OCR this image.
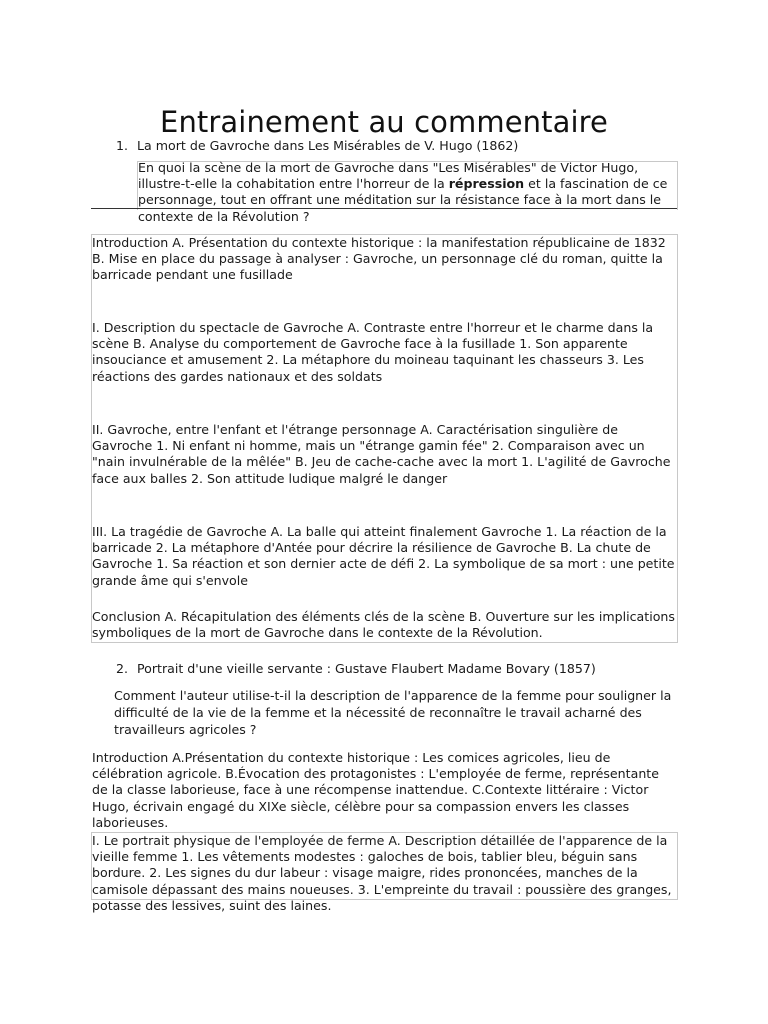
Entrainement au commentaire
1. La mort de Gavroche dans Les Misérables de V. Hugo (1862)
En quoi la scène de la mort de Gavroche dans "Les Misérables" de Victor Hugo, illustre-t-elle la cohabitation entre l'horreur de la répression et la fascination de ce personnage, tout en offrant une méditation sur la résistance face à la mort dans le contexte de la Révolution ?
Introduction A. Présentation du contexte historique : la manifestation républicaine de 1832 B. Mise en place du passage à analyser : Gavroche, un personnage clé du roman, quitte la barricade pendant une fusillade
I. Description du spectacle de Gavroche A. Contraste entre l'horreur et le charme dans la scène B. Analyse du comportement de Gavroche face à la fusillade 1. Son apparente insouciance et amusement 2. La métaphore du moineau taquinant les chasseurs 3. Les réactions des gardes nationaux et des soldats
II. Gavroche, entre l'enfant et l'étrange personnage A. Caractérisation singulière de Gavroche 1. Ni enfant ni homme, mais un "étrange gamin fée" 2. Comparaison avec un "nain invulnérable de la mêlée" B. Jeu de cache-cache avec la mort 1. L'agilité de Gavroche face aux balles 2. Son attitude ludique malgré le danger
III. La tragédie de Gavroche A. La balle qui atteint finalement Gavroche 1. La réaction de la barricade 2. La métaphore d'Antée pour décrire la résilience de Gavroche B. La chute de Gavroche 1. Sa réaction et son dernier acte de défi 2. La symbolique de sa mort : une petite grande âme qui s'envole
Conclusion A. Récapitulation des éléments clés de la scène B. Ouverture sur les implications symboliques de la mort de Gavroche dans le contexte de la Révolution.
2. Portrait d'une vieille servante : Gustave Flaubert Madame Bovary (1857)
Comment l'auteur utilise-t-il la description de l'apparence de la femme pour souligner la difficulté de la vie de la femme et la nécessité de reconnaître le travail acharné des travailleurs agricoles ?
Introduction A.Présentation du contexte historique : Les comices agricoles, lieu de célébration agricole. B.Évocation des protagonistes : L'employée de ferme, représentante de la classe laborieuse, face à une récompense inattendue. C.Contexte littéraire : Victor Hugo, écrivain engagé du XIXe siècle, célèbre pour sa compassion envers les classes laborieuses.
I. Le portrait physique de l'employée de ferme A. Description détaillée de l'apparence de la vieille femme 1. Les vêtements modestes : galoches de bois, tablier bleu, béguin sans bordure. 2. Les signes du dur labeur : visage maigre, rides prononcées, manches de la camisole dépassant des mains noueuses. 3. L'empreinte du travail : poussière des granges, potasse des lessives, suint des laines.
